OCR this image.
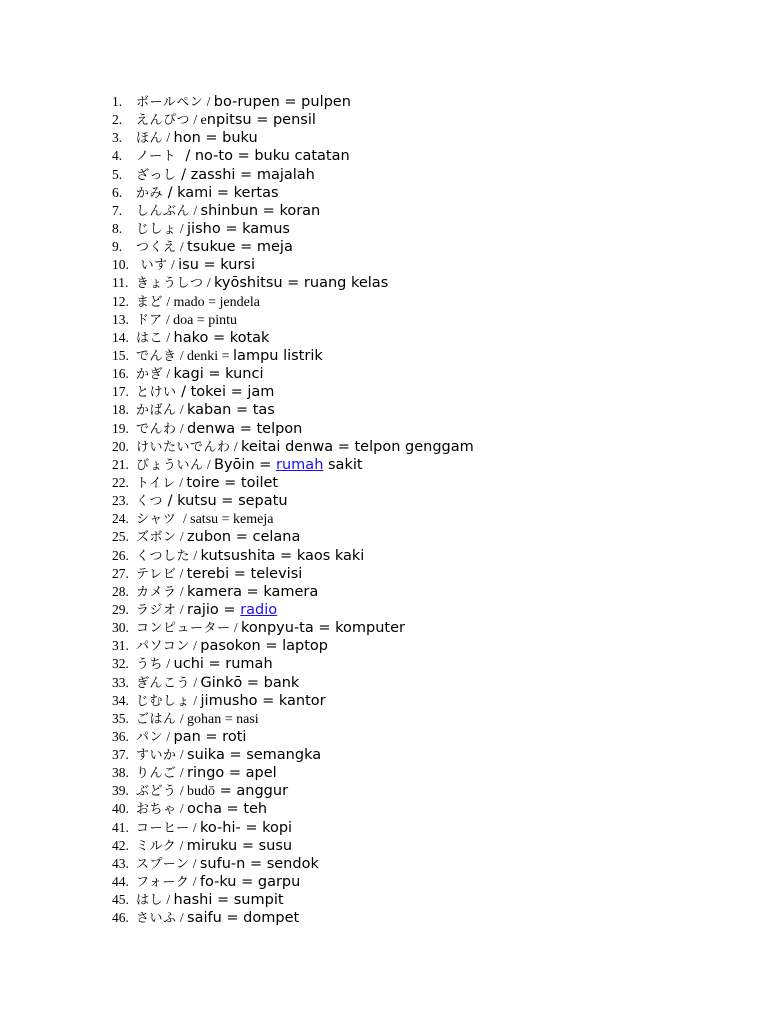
1. ボールペン / bo-rupen = pulpen
2. えんぴつ / enpitsu = pensil
3. ほん / hon = buku
4. ノート  / no-to = buku catatan
5. ざっし / zasshi = majalah
6. かみ / kami = kertas
7. しんぶん / shinbun = koran
8. じしょ / jisho = kamus
9. つくえ / tsukue = meja
10. いす / isu = kursi
11. きょうしつ / kyōshitsu = ruang kelas
12. まど / mado = jendela
13. ドア / doa = pintu
14. はこ / hako = kotak
15. でんき / denki = lampu listrik
16. かぎ / kagi = kunci
17. とけい / tokei = jam
18. かばん / kaban = tas
19. でんわ / denwa = telpon
20. けいたいでんわ / keitai denwa = telpon genggam
21. びょういん / Byōin = rumah sakit
22. トイレ / toire = toilet
23. くつ / kutsu = sepatu
24. シャツ  / satsu = kemeja
25. ズボン / zubon = celana
26. くつした / kutsushita = kaos kaki
27. テレビ / terebi = televisi
28. カメラ / kamera = kamera
29. ラジオ / rajio = radio
30. コンピューター / konpyu-ta = komputer
31. パソコン / pasokon = laptop
32. うち / uchi = rumah
33. ぎんこう / Ginkō = bank
34. じむしょ / jimusho = kantor
35. ごはん / gohan = nasi
36. パン / pan = roti
37. すいか / suika = semangka
38. りんご / ringo = apel
39. ぶどう / budō = anggur
40. おちゃ / ocha = teh
41. コーヒー / ko-hi- = kopi
42. ミルク / miruku = susu
43. スプーン / sufu-n = sendok
44. フォーク / fo-ku = garpu
45. はし / hashi = sumpit
46. さいふ / saifu = dompet
